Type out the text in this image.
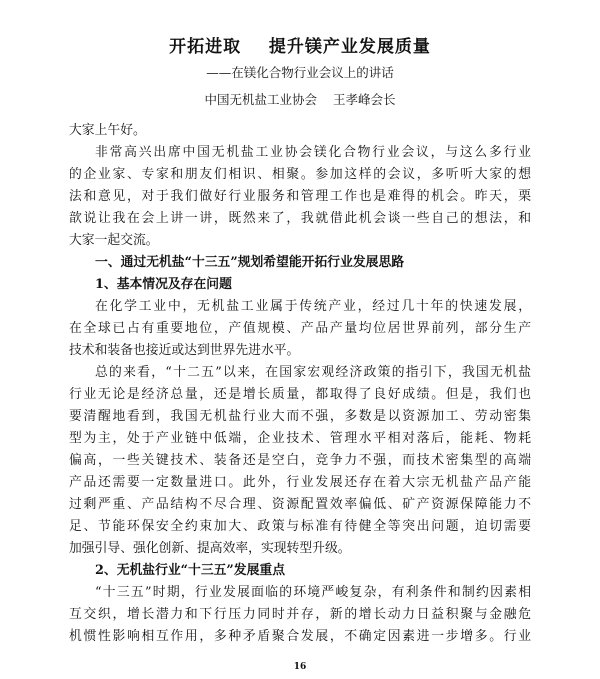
开拓进取    提升镁产业发展质量
——在镁化合物行业会议上的讲话
中国无机盐工业协会    王孝峰会长
大家上午好。
非常高兴出席中国无机盐工业协会镁化合物行业会议，与这么多行业
的企业家、专家和朋友们相识、相聚。参加这样的会议，多听听大家的想
法和意见，对于我们做好行业服务和管理工作也是难得的机会。昨天，栗
歆说让我在会上讲一讲，既然来了，我就借此机会谈一些自己的想法，和
大家一起交流。
一、通过无机盐“十三五”规划希望能开拓行业发展思路
1、基本情况及存在问题
在化学工业中，无机盐工业属于传统产业，经过几十年的快速发展，
在全球已占有重要地位，产值规模、产品产量均位居世界前列，部分生产
技术和装备也接近或达到世界先进水平。
总的来看，“十二五”以来，在国家宏观经济政策的指引下，我国无机盐
行业无论是经济总量，还是增长质量，都取得了良好成绩。但是，我们也
要清醒地看到，我国无机盐行业大而不强，多数是以资源加工、劳动密集
型为主，处于产业链中低端，企业技术、管理水平相对落后，能耗、物耗
偏高，一些关键技术、装备还是空白，竞争力不强，而技术密集型的高端
产品还需要一定数量进口。此外，行业发展还存在着大宗无机盐产品产能
过剩严重、产品结构不尽合理、资源配置效率偏低、矿产资源保障能力不
足、节能环保安全约束加大、政策与标准有待健全等突出问题，迫切需要
加强引导、强化创新、提高效率，实现转型升级。
2、无机盐行业“十三五”发展重点
16
“十三五”时期，行业发展面临的环境严峻复杂，有利条件和制约因素相
互交织，增长潜力和下行压力同时并存，新的增长动力日益积聚与金融危
机惯性影响相互作用，多种矛盾聚合发展，不确定因素进一步增多。行业
